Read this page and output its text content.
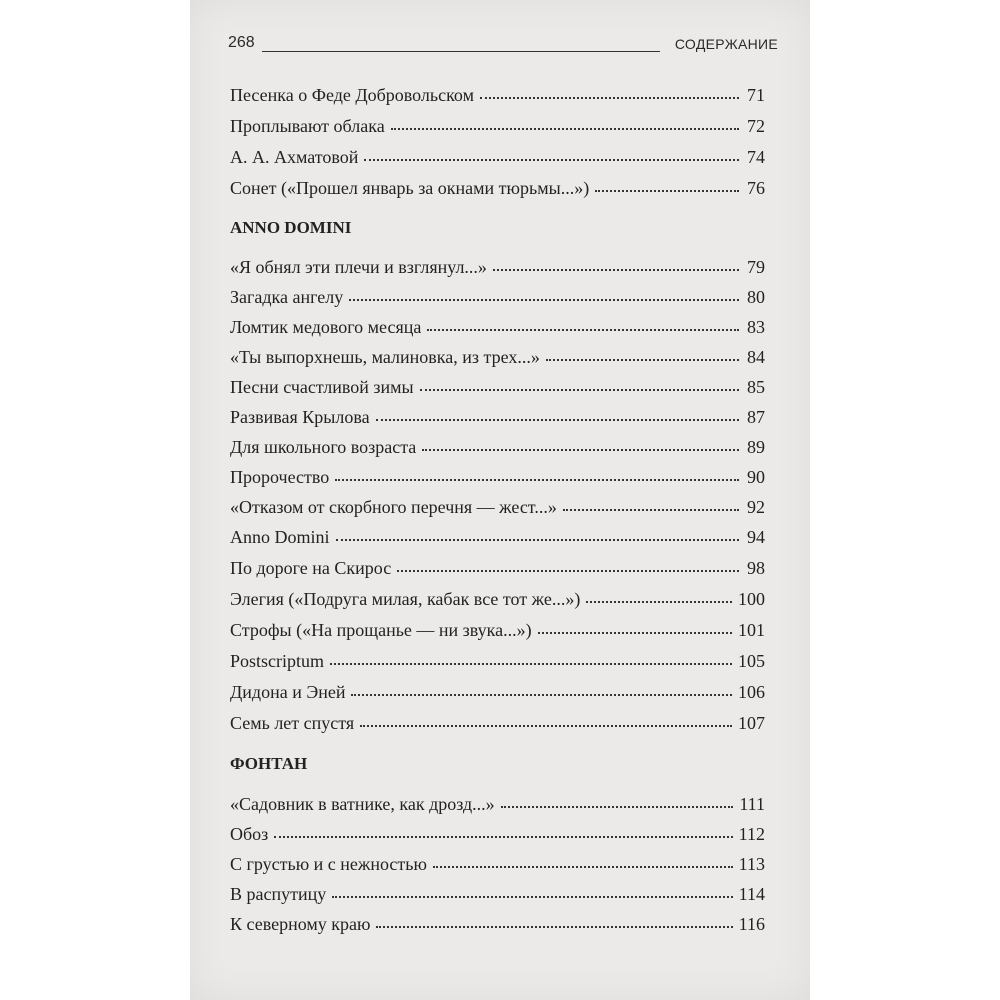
268	СОДЕРЖАНИЕ
Песенка о Феде Добровольском	71
Проплывают облака	72
А. А. Ахматовой	74
Сонет («Прошел январь за окнами тюрьмы...»)	76
ANNO DOMINI
«Я обнял эти плечи и взглянул...»	79
Загадка ангелу	80
Ломтик медового месяца	83
«Ты выпорхнешь, малиновка, из трех...»	84
Песни счастливой зимы	85
Развивая Крылова	87
Для школьного возраста	89
Пророчество	90
«Отказом от скорбного перечня — жест...»	92
Anno Domini	94
По дороге на Скирос	98
Элегия («Подруга милая, кабак все тот же...»)	100
Строфы («На прощанье — ни звука...»)	101
Postscriptum	105
Дидона и Эней	106
Семь лет спустя	107
ФОНТАН
«Садовник в ватнике, как дрозд...»	111
Обоз	112
С грустью и с нежностью	113
В распутицу	114
К северному краю	116
